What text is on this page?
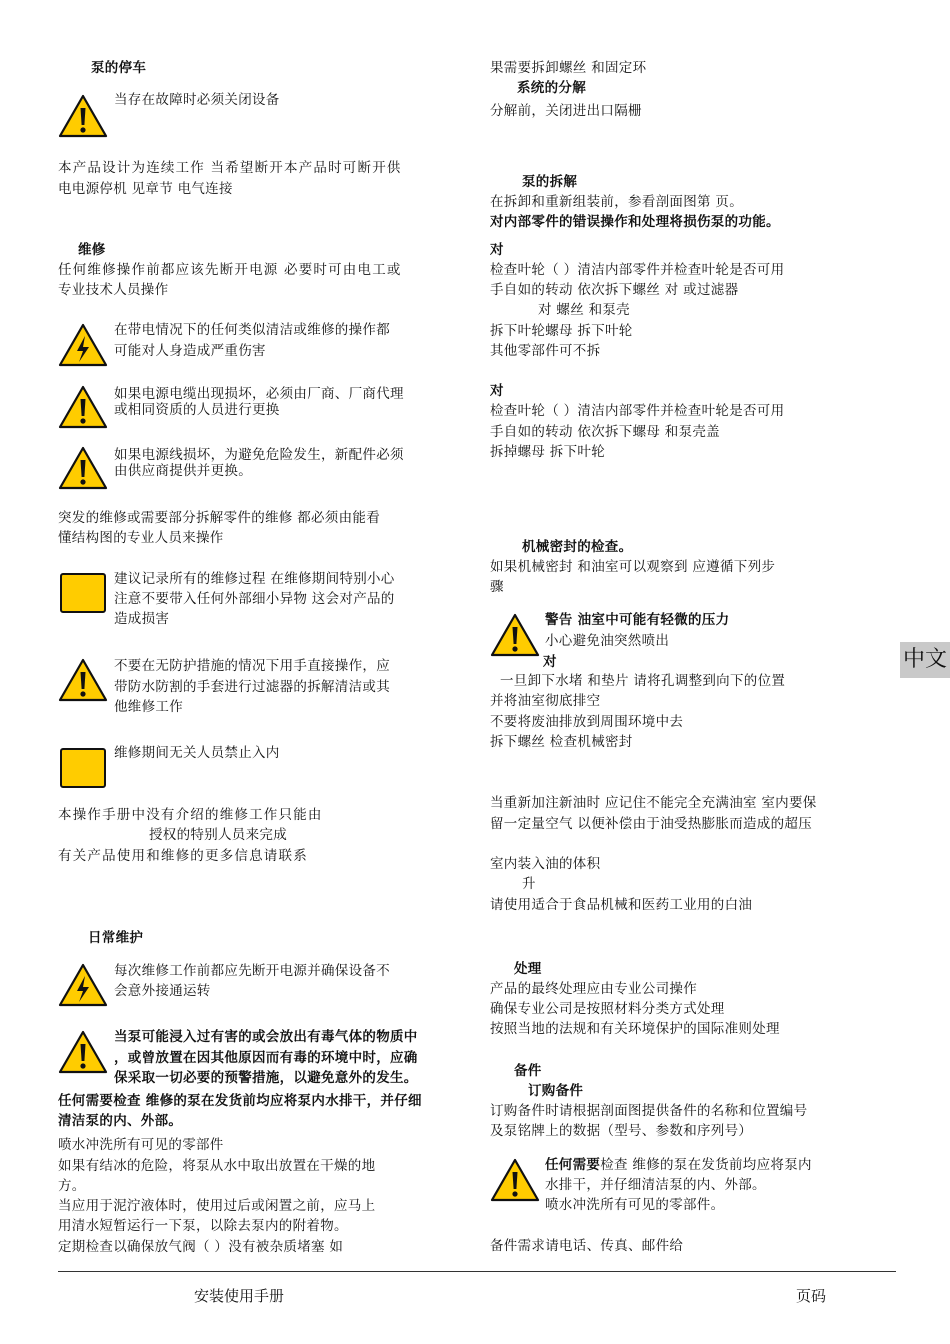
泵的停车
当存在故障时必须关闭设备
本产品设计为连续工作 当希望断开本产品时可断开供
电电源停机 见章节 电气连接
维修
任何维修操作前都应该先断开电源 必要时可由电工或
专业技术人员操作
在带电情况下的任何类似清洁或维修的操作都
可能对人身造成严重伤害
如果电源电缆出现损坏，必须由厂商、厂商代理
或相同资质的人员进行更换
如果电源线损坏，为避免危险发生，新配件必须
由供应商提供并更换。
突发的维修或需要部分拆解零件的维修 都必须由能看
懂结构图的专业人员来操作
建议记录所有的维修过程 在维修期间特别小心
注意不要带入任何外部细小异物 这会对产品的
造成损害
不要在无防护措施的情况下用手直接操作，应
带防水防割的手套进行过滤器的拆解清洁或其
他维修工作
维修期间无关人员禁止入内
本操作手册中没有介绍的维修工作只能由
授权的特别人员来完成
有关产品使用和维修的更多信息请联系
日常维护
每次维修工作前都应先断开电源并确保设备不
会意外接通运转
当泵可能浸入过有害的或会放出有毒气体的物质中
，或曾放置在因其他原因而有毒的环境中时，应确
保采取一切必要的预警措施，以避免意外的发生。
任何需要检查 维修的泵在发货前均应将泵内水排干，并仔细
清洁泵的内、外部。
喷水冲洗所有可见的零部件
如果有结冰的危险，将泵从水中取出放置在干燥的地
方。
当应用于泥泞液体时，使用过后或闲置之前，应马上
用清水短暂运行一下泵，以除去泵内的附着物。
定期检查以确保放气阀（ ）没有被杂质堵塞 如
果需要拆卸螺丝 和固定环
系统的分解
分解前，关闭进出口隔栅
泵的拆解
在拆卸和重新组装前，参看剖面图第 页。
对内部零件的错误操作和处理将损伤泵的功能。
对
检查叶轮（ ）清洁内部零件并检查叶轮是否可用
手自如的转动 依次拆下螺丝 对 或过滤器
对 螺丝 和泵壳
拆下叶轮螺母 拆下叶轮
其他零部件可不拆
对
检查叶轮（ ）清洁内部零件并检查叶轮是否可用
手自如的转动 依次拆下螺母 和泵壳盖
拆掉螺母 拆下叶轮
机械密封的检查。
如果机械密封 和油室可以观察到 应遵循下列步
骤
警告 油室中可能有轻微的压力
小心避免油突然喷出
对
一旦卸下水堵 和垫片 请将孔调整到向下的位置
并将油室彻底排空
不要将废油排放到周围环境中去
拆下螺丝 检查机械密封
当重新加注新油时 应记住不能完全充满油室 室内要保
留一定量空气 以便补偿由于油受热膨胀而造成的超压
室内装入油的体积
升
请使用适合于食品机械和医药工业用的白油
处理
产品的最终处理应由专业公司操作
确保专业公司是按照材料分类方式处理
按照当地的法规和有关环境保护的国际准则处理
备件
订购备件
订购备件时请根据剖面图提供备件的名称和位置编号
及泵铭牌上的数据（型号、参数和序列号）
任何需要检查 维修的泵在发货前均应将泵内
水排干，并仔细清洁泵的内、外部。
喷水冲洗所有可见的零部件。
备件需求请电话、传真、邮件给
中文
安装使用手册	页码
